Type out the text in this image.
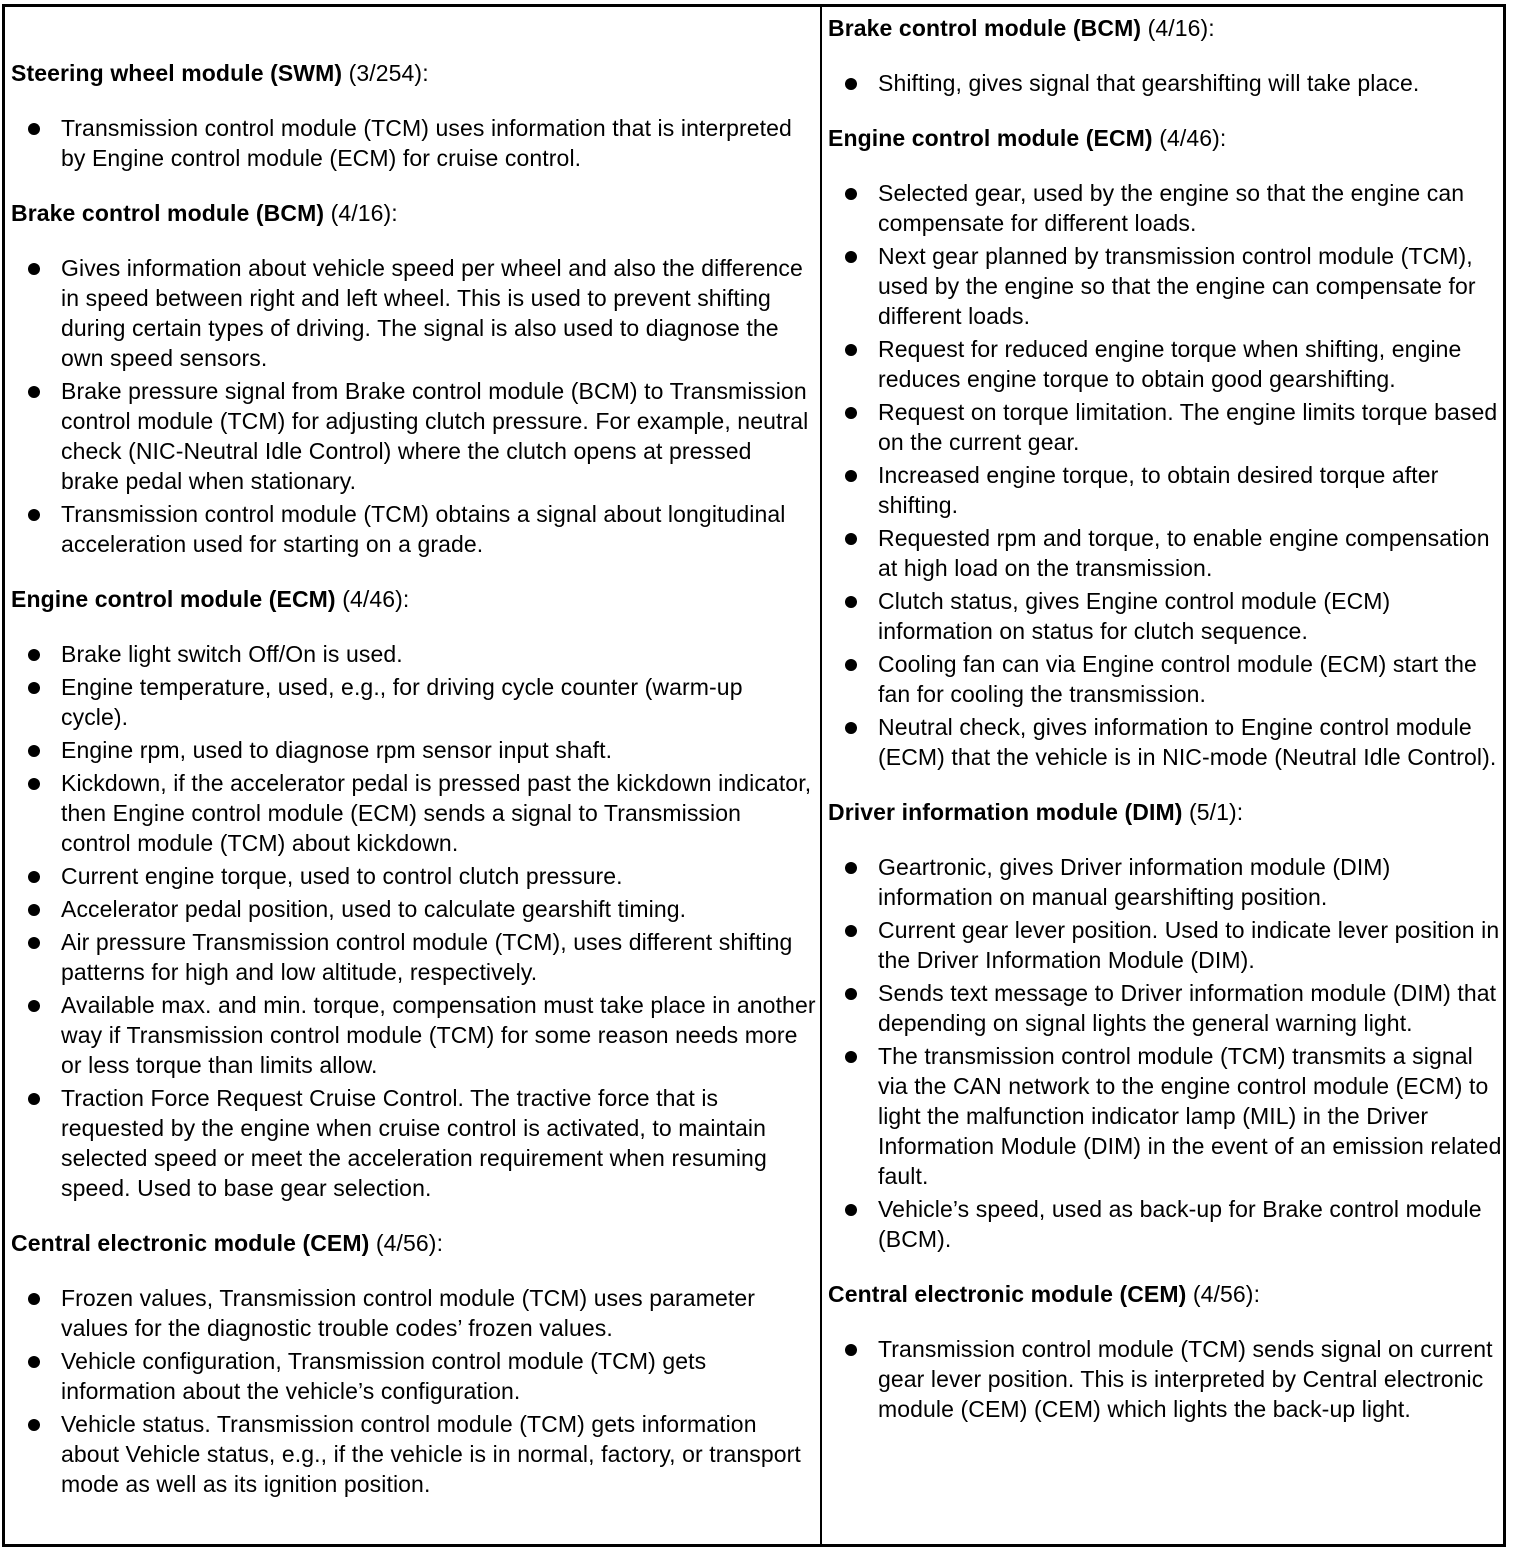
Steering wheel module (SWM) (3/254):

Transmission control module (TCM) uses information that is interpreted by Engine control module (ECM) for cruise control.

Brake control module (BCM) (4/16):

Gives information about vehicle speed per wheel and also the difference in speed between right and left wheel. This is used to prevent shifting during certain types of driving. The signal is also used to diagnose the own speed sensors.
Brake pressure signal from Brake control module (BCM) to Transmission control module (TCM) for adjusting clutch pressure. For example, neutral check (NIC-Neutral Idle Control) where the clutch opens at pressed brake pedal when stationary.
Transmission control module (TCM) obtains a signal about longitudinal acceleration used for starting on a grade.

Engine control module (ECM) (4/46):

Brake light switch Off/On is used.
Engine temperature, used, e.g., for driving cycle counter (warm-up cycle).
Engine rpm, used to diagnose rpm sensor input shaft.
Kickdown, if the accelerator pedal is pressed past the kickdown indicator, then Engine control module (ECM) sends a signal to Transmission control module (TCM) about kickdown.
Current engine torque, used to control clutch pressure.
Accelerator pedal position, used to calculate gearshift timing.
Air pressure Transmission control module (TCM), uses different shifting patterns for high and low altitude, respectively.
Available max. and min. torque, compensation must take place in another way if Transmission control module (TCM) for some reason needs more or less torque than limits allow.
Traction Force Request Cruise Control. The tractive force that is requested by the engine when cruise control is activated, to maintain selected speed or meet the acceleration requirement when resuming speed. Used to base gear selection.

Central electronic module (CEM) (4/56):

Frozen values, Transmission control module (TCM) uses parameter values for the diagnostic trouble codes’ frozen values.
Vehicle configuration, Transmission control module (TCM) gets information about the vehicle’s configuration.
Vehicle status. Transmission control module (TCM) gets information about Vehicle status, e.g., if the vehicle is in normal, factory, or transport mode as well as its ignition position.

Brake control module (BCM) (4/16):

Shifting, gives signal that gearshifting will take place.

Engine control module (ECM) (4/46):

Selected gear, used by the engine so that the engine can compensate for different loads.
Next gear planned by transmission control module (TCM), used by the engine so that the engine can compensate for different loads.
Request for reduced engine torque when shifting, engine reduces engine torque to obtain good gearshifting.
Request on torque limitation. The engine limits torque based on the current gear.
Increased engine torque, to obtain desired torque after shifting.
Requested rpm and torque, to enable engine compensation at high load on the transmission.
Clutch status, gives Engine control module (ECM) information on status for clutch sequence.
Cooling fan can via Engine control module (ECM) start the fan for cooling the transmission.
Neutral check, gives information to Engine control module (ECM) that the vehicle is in NIC-mode (Neutral Idle Control).

Driver information module (DIM) (5/1):

Geartronic, gives Driver information module (DIM) information on manual gearshifting position.
Current gear lever position. Used to indicate lever position in the Driver Information Module (DIM).
Sends text message to Driver information module (DIM) that depending on signal lights the general warning light.
The transmission control module (TCM) transmits a signal via the CAN network to the engine control module (ECM) to light the malfunction indicator lamp (MIL) in the Driver Information Module (DIM) in the event of an emission related fault.
Vehicle’s speed, used as back-up for Brake control module (BCM).

Central electronic module (CEM) (4/56):

Transmission control module (TCM) sends signal on current gear lever position. This is interpreted by Central electronic module (CEM) (CEM) which lights the back-up light.
